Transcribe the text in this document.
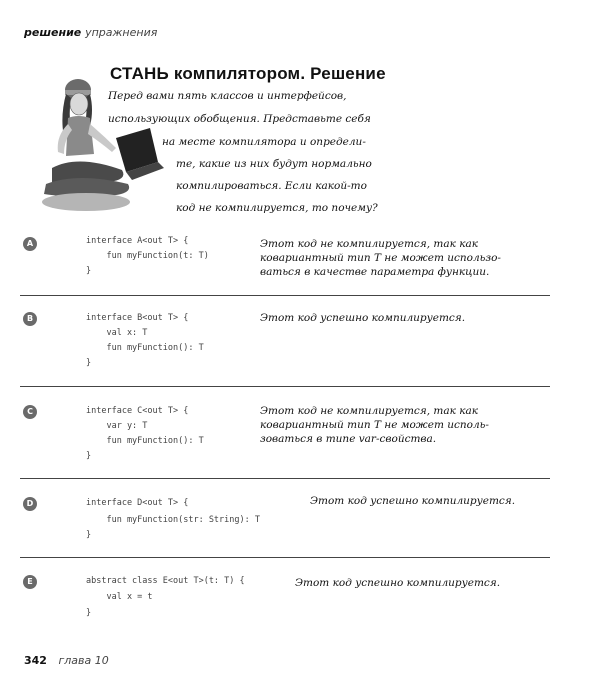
решение упражнения
СТАНЬ компилятором. Решение
Перед вами пять классов и интерфейсов,
использующих обобщения. Представьте себя
на месте компилятора и определи-
те, какие из них будут нормально
компилироваться. Если какой-то
код не компилируется, то почему?
A	interface A<out T> {
fun myFunction(t: T)
}
Этот код не компилируется, так как
ковариантный тип T не может использо-
ваться в качестве параметра функции.
B	interface B<out T> {
val x: T
fun myFunction(): T
}
Этот код успешно компилируется.
C	interface C<out T> {
var y: T
fun myFunction(): T
}
Этот код не компилируется, так как
ковариантный тип T не может исполь-
зоваться в типе var-свойства.
D	interface D<out T> {
fun myFunction(str: String): T
}
Этот код успешно компилируется.
E	abstract class E<out T>(t: T) {
val x = t
}
Этот код успешно компилируется.
342 глава 10
